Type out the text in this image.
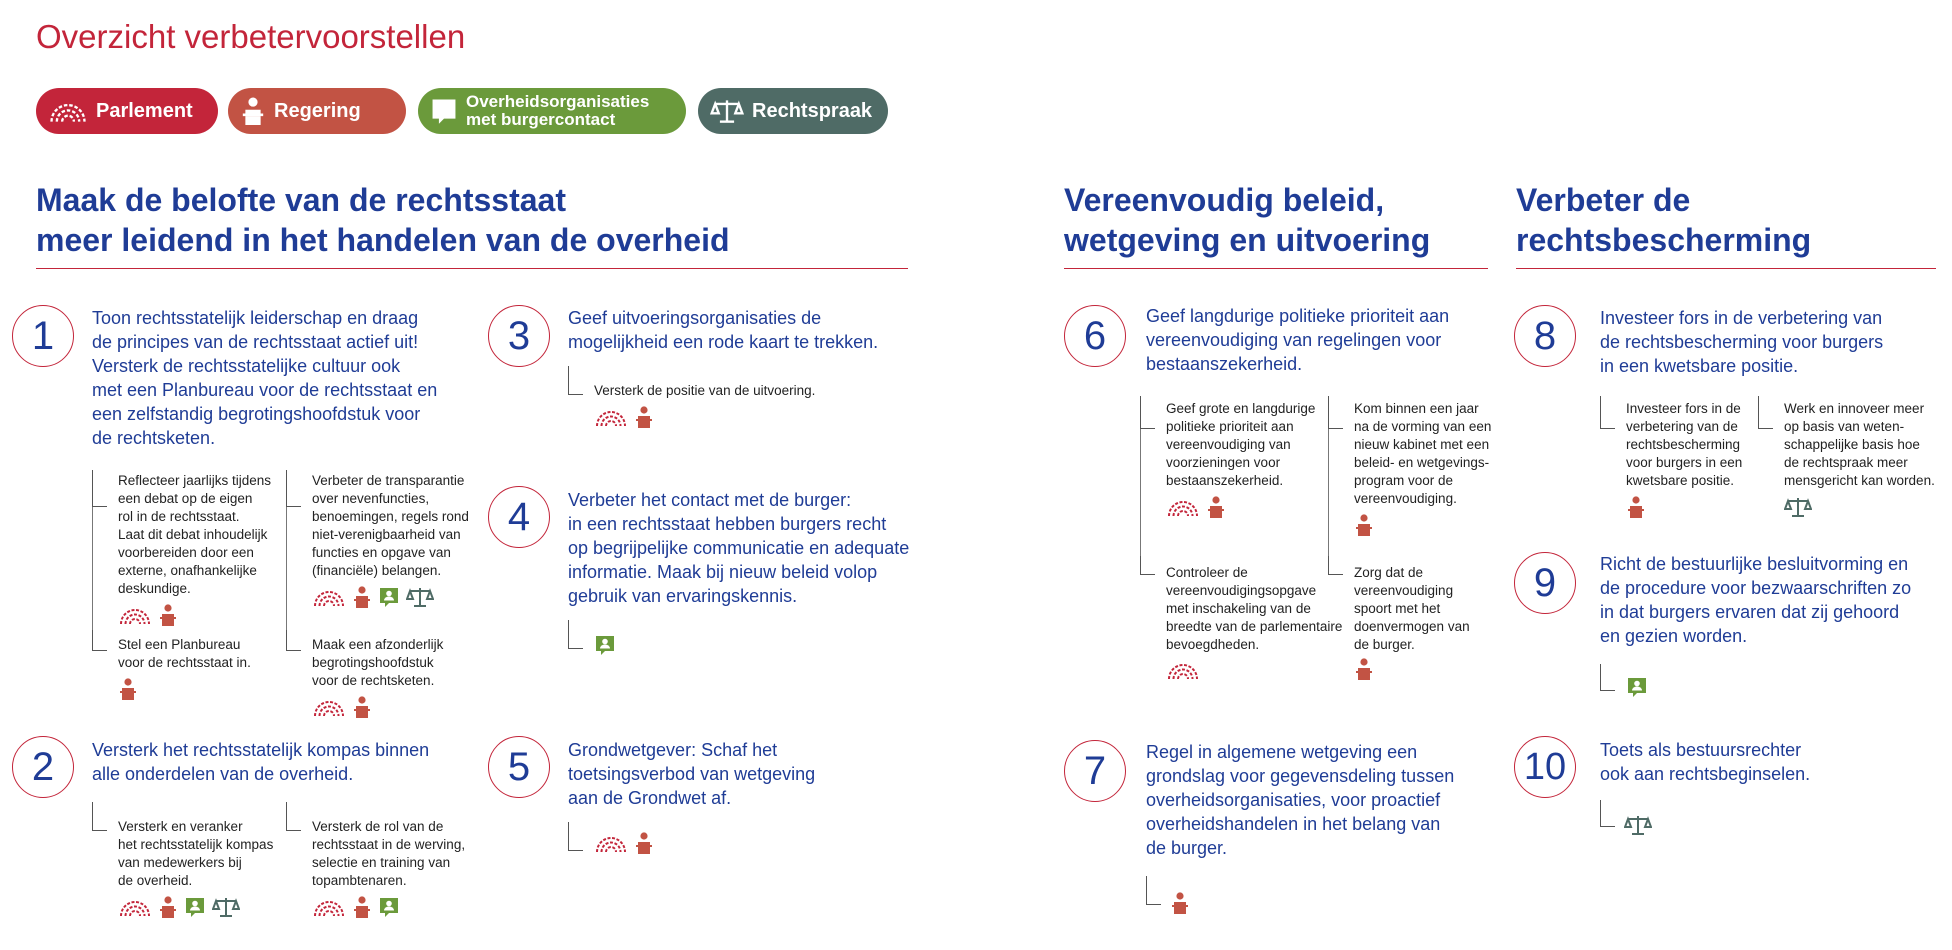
Overzicht verbetervoorstellen
Parlement	Regering	Overheidsorganisaties
met burgercontact	Rechtspraak
Maak de belofte van de rechtsstaat
meer leidend in het handelen van de overheid
Vereenvoudig beleid,
wetgeving en uitvoering
Verbeter de
rechtsbescherming
1	Toon rechtsstatelijk leiderschap en draag
de principes van de rechtsstaat actief uit!
Versterk de rechtsstatelijke cultuur ook
met een Planbureau voor de rechtsstaat en
een zelfstandig begrotingshoofdstuk voor
de rechtsketen.
Reflecteer jaarlijks tijdens
een debat op de eigen
rol in de rechtsstaat.
Laat dit debat inhoudelijk
voorbereiden door een
externe, onafhankelijke
deskundige.
Stel een Planbureau
voor de rechtsstaat in.
Verbeter de transparantie
over nevenfuncties,
benoemingen, regels rond
niet-verenigbaarheid van
functies en opgave van
(financiële) belangen.
Maak een afzonderlijk
begrotingshoofdstuk
voor de rechtsketen.
2	Versterk het rechtsstatelijk kompas binnen
alle onderdelen van de overheid.
Versterk en veranker
het rechtsstatelijk kompas
van medewerkers bij
de overheid.
Versterk de rol van de
rechtsstaat in de werving,
selectie en training van
topambtenaren.
3	Geef uitvoeringsorganisaties de
mogelijkheid een rode kaart te trekken.
Versterk de positie van de uitvoering.
4	Verbeter het contact met de burger:
in een rechtsstaat hebben burgers recht
op begrijpelijke communicatie en adequate
informatie. Maak bij nieuw beleid volop
gebruik van ervaringskennis.
5	Grondwetgever: Schaf het
toetsingsverbod van wetgeving
aan de Grondwet af.
6	Geef langdurige politieke prioriteit aan
vereenvoudiging van regelingen voor
bestaanszekerheid.
Geef grote en langdurige
politieke prioriteit aan
vereenvoudiging van
voorzieningen voor
bestaanszekerheid.
Controleer de
vereenvoudigingsopgave
met inschakeling van de
breedte van de parlementaire
bevoegdheden.
Kom binnen een jaar
na de vorming van een
nieuw kabinet met een
beleid- en wetgevings-
program voor de
vereenvoudiging.
Zorg dat de
vereenvoudiging
spoort met het
doenvermogen van
de burger.
7	Regel in algemene wetgeving een
grondslag voor gegevensdeling tussen
overheidsorganisaties, voor proactief
overheidshandelen in het belang van
de burger.
8	Investeer fors in de verbetering van
de rechtsbescherming voor burgers
in een kwetsbare positie.
Investeer fors in de
verbetering van de
rechtsbescherming
voor burgers in een
kwetsbare positie.
Werk en innoveer meer
op basis van weten-
schappelijke basis hoe
de rechtspraak meer
mensgericht kan worden.
9	Richt de bestuurlijke besluitvorming en
de procedure voor bezwaarschriften zo
in dat burgers ervaren dat zij gehoord
en gezien worden.
10	Toets als bestuursrechter
ook aan rechtsbeginselen.
